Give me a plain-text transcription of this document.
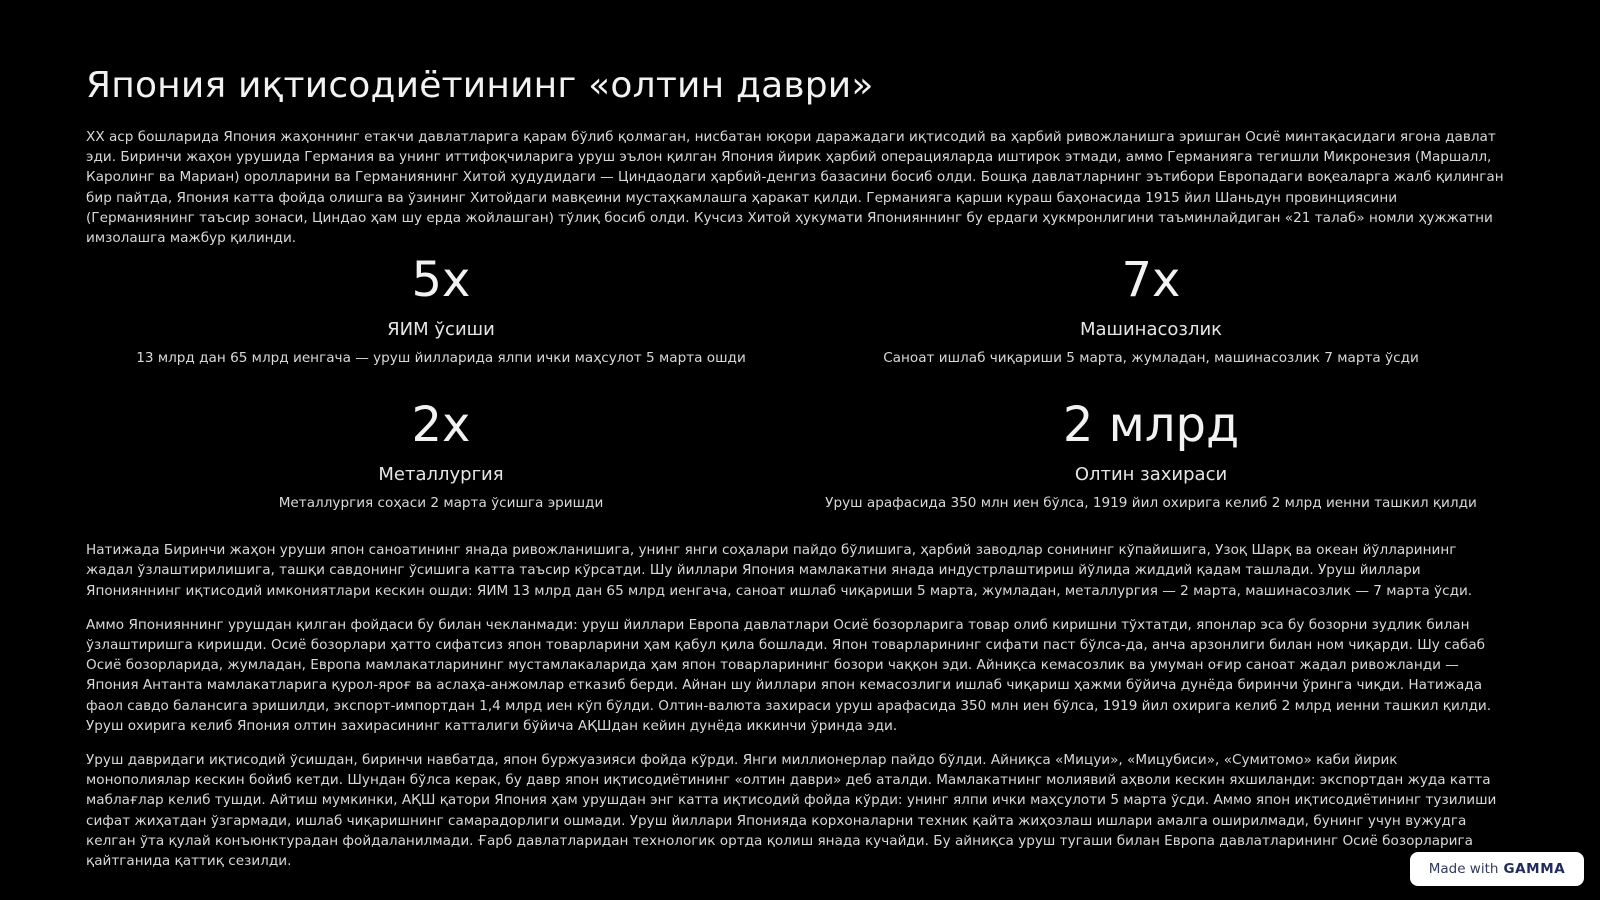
Япония иқтисодиётининг «олтин даври»

XX аср бошларида Япония жаҳоннинг етакчи давлатларига қарам бўлиб қолмаган, нисбатан юқори даражадаги иқтисодий ва ҳарбий ривожланишга эришган Осиё минтақасидаги ягона давлат эди. Биринчи жаҳон урушида Германия ва унинг иттифоқчиларига уруш эълон қилган Япония йирик ҳарбий операцияларда иштирок этмади, аммо Германияга тегишли Микронезия (Маршалл, Каролинг ва Мариан) оролларини ва Германиянинг Хитой ҳудудидаги — Циндаодаги ҳарбий-денгиз базасини босиб олди. Бошқа давлатларнинг эътибори Европадаги воқеаларга жалб қилинган бир пайтда, Япония катта фойда олишга ва ўзининг Хитойдаги мавқеини мустаҳкамлашга ҳаракат қилди. Германияга қарши кураш баҳонасида 1915 йил Шаньдун провинциясини (Германиянинг таъсир зонаси, Циндао ҳам шу ерда жойлашган) тўлиқ босиб олди. Кучсиз Хитой ҳукумати Японияннинг бу ердаги ҳукмронлигини таъминлайдиган «21 талаб» номли ҳужжатни имзолашга мажбур қилинди.

5x
ЯИМ ўсиши
13 млрд дан 65 млрд иенгача — уруш йилларида ялпи ички маҳсулот 5 марта ошди
7x
Машинасозлик
Саноат ишлаб чиқариши 5 марта, жумладан, машинасозлик 7 марта ўсди
2x
Металлургия
Металлургия соҳаси 2 марта ўсишга эришди
2 млрд
Олтин захираси
Уруш арафасида 350 млн иен бўлса, 1919 йил охирига келиб 2 млрд иенни ташкил қилди

Натижада Биринчи жаҳон уруши япон саноатининг янада ривожланишига, унинг янги соҳалари пайдо бўлишига, ҳарбий заводлар сонининг кўпайишига, Узоқ Шарқ ва океан йўлларининг жадал ўзлаштирилишига, ташқи савдонинг ўсишига катта таъсир кўрсатди. Шу йиллари Япония мамлакатни янада индустрлаштириш йўлида жиддий қадам ташлади. Уруш йиллари Японияннинг иқтисодий имкониятлари кескин ошди: ЯИМ 13 млрд дан 65 млрд иенгача, саноат ишлаб чиқариши 5 марта, жумладан, металлургия — 2 марта, машинасозлик — 7 марта ўсди.

Аммо Японияннинг урушдан қилган фойдаси бу билан чекланмади: уруш йиллари Европа давлатлари Осиё бозорларига товар олиб киришни тўхтатди, японлар эса бу бозорни зудлик билан ўзлаштиришга киришди. Осиё бозорлари ҳатто сифатсиз япон товарларини ҳам қабул қила бошлади. Япон товарларининг сифати паст бўлса-да, анча арзонлиги билан ном чиқарди. Шу сабаб Осиё бозорларида, жумладан, Европа мамлакатларининг мустамлакаларида ҳам япон товарларининг бозори чаққон эди. Айниқса кемасозлик ва умуман оғир саноат жадал ривожланди — Япония Антанта мамлакатларига қурол-яроғ ва аслаҳа-анжомлар етказиб берди. Айнан шу йиллари япон кемасозлиги ишлаб чиқариш ҳажми бўйича дунёда биринчи ўринга чиқди. Натижада фаол савдо балансига эришилди, экспорт-импортдан 1,4 млрд иен кўп бўлди. Олтин-валюта захираси уруш арафасида 350 млн иен бўлса, 1919 йил охирига келиб 2 млрд иенни ташкил қилди. Уруш охирига келиб Япония олтин захирасининг катталиги бўйича АҚШдан кейин дунёда иккинчи ўринда эди.

Уруш давридаги иқтисодий ўсишдан, биринчи навбатда, япон буржуазияси фойда кўрди. Янги миллионерлар пайдо бўлди. Айниқса «Мицуи», «Мицубиси», «Сумитомо» каби йирик монополиялар кескин бойиб кетди. Шундан бўлса керак, бу давр япон иқтисодиётининг «олтин даври» деб аталди. Мамлакатнинг молиявий аҳволи кескин яхшиланди: экспортдан жуда катта маблағлар келиб тушди. Айтиш мумкинки, АҚШ қатори Япония ҳам урушдан энг катта иқтисодий фойда кўрди: унинг ялпи ички маҳсулоти 5 марта ўсди. Аммо япон иқтисодиётининг тузилиши сифат жиҳатдан ўзгармади, ишлаб чиқаришнинг самарадорлиги ошмади. Уруш йиллари Японияда корхоналарни техник қайта жиҳозлаш ишлари амалга оширилмади, бунинг учун вужудга келган ўта қулай конъюнктурадан фойдаланилмади. Ғарб давлатларидан технологик ортда қолиш янада кучайди. Бу айниқса уруш тугаши билан Европа давлатларининг Осиё бозорларига қайтганида қаттиқ сезилди.	Made with GAMMA
